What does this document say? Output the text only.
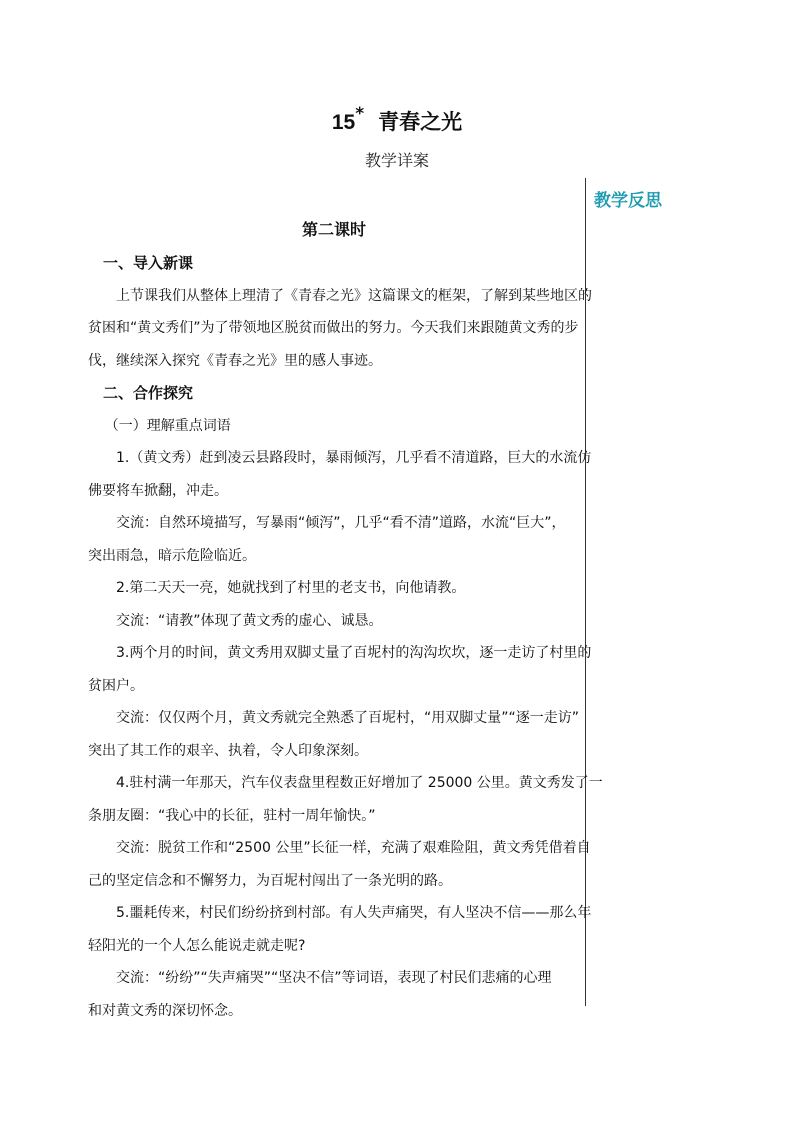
15* 青春之光
教学详案
教学反思
第二课时
一、导入新课

上节课我们从整体上理清了《青春之光》这篇课文的框架，了解到某些地区的

贫困和“黄文秀们”为了带领地区脱贫而做出的努力。今天我们来跟随黄文秀的步

伐，继续深入探究《青春之光》里的感人事迹。

二、合作探究

（一）理解重点词语

1.（黄文秀）赶到凌云县路段时，暴雨倾泻，几乎看不清道路，巨大的水流仿

佛要将车掀翻，冲走。

交流：自然环境描写，写暴雨“倾泻”，几乎“看不清”道路，水流“巨大”，

突出雨急，暗示危险临近。

2.第二天天一亮，她就找到了村里的老支书，向他请教。

交流：“请教”体现了黄文秀的虚心、诚恳。

3.两个月的时间，黄文秀用双脚丈量了百坭村的沟沟坎坎，逐一走访了村里的

贫困户。

交流：仅仅两个月，黄文秀就完全熟悉了百坭村，“用双脚丈量”“逐一走访”

突出了其工作的艰辛、执着，令人印象深刻。

4.驻村满一年那天，汽车仪表盘里程数正好增加了 25000 公里。黄文秀发了一

条朋友圈：“我心中的长征，驻村一周年愉快。”

交流：脱贫工作和“2500 公里”长征一样，充满了艰难险阻，黄文秀凭借着自

己的坚定信念和不懈努力，为百坭村闯出了一条光明的路。

5.噩耗传来，村民们纷纷挤到村部。有人失声痛哭，有人坚决不信——那么年

轻阳光的一个人怎么能说走就走呢?

交流：“纷纷”“失声痛哭”“坚决不信”等词语，表现了村民们悲痛的心理

和对黄文秀的深切怀念。
